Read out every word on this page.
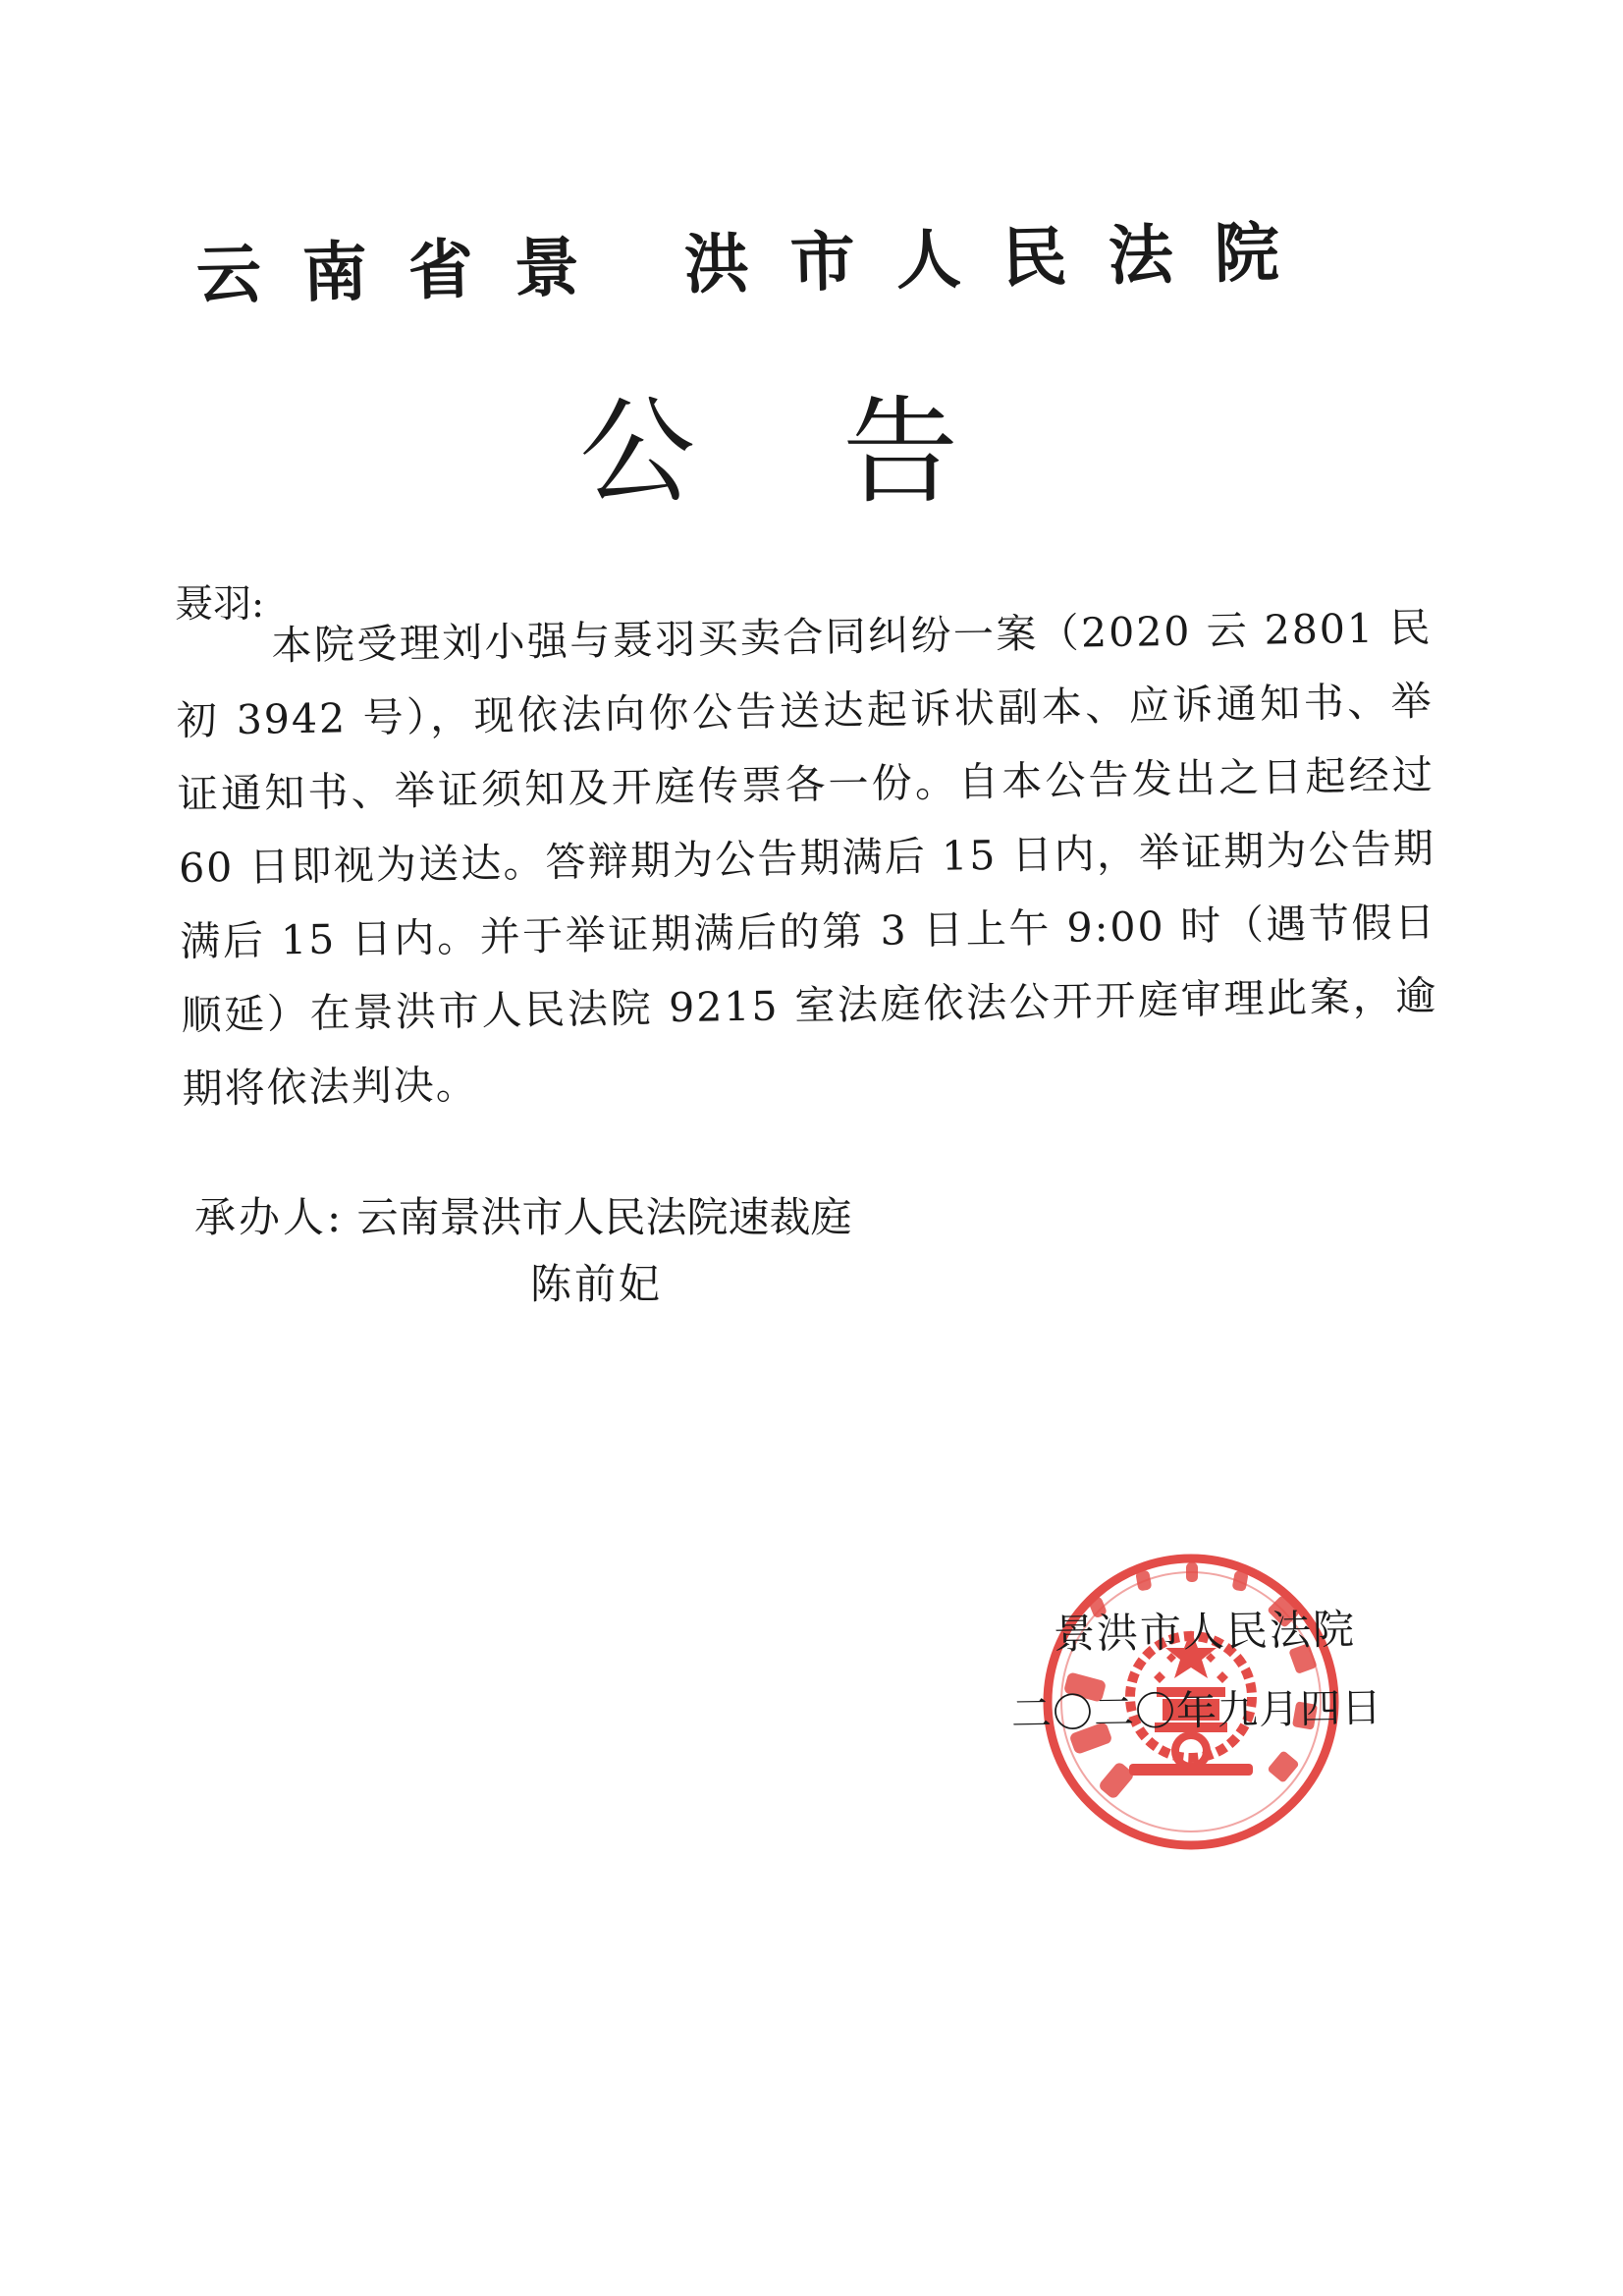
云南省景 洪市人民法院
公告
聂羽: 本院受理刘小强与聂羽买卖合同纠纷一案（2020 云 2801 民初 3942 号），现依法向你公告送达起诉状副本、应诉通知书、举证通知书、举证须知及开庭传票各一份。自本公告发出之日起经过 60 日即视为送达。答辩期为公告期满后 15 日内，举证期为公告期满后 15 日内。并于举证期满后的第 3 日上午 9:00 时（遇节假日顺延）在景洪市人民法院 9215 室法庭依法公开开庭审理此案，逾期将依法判决。
承办人: 云南景洪市人民法院速裁庭
陈前妃
景洪市人民法院
二〇二〇年九月四日
